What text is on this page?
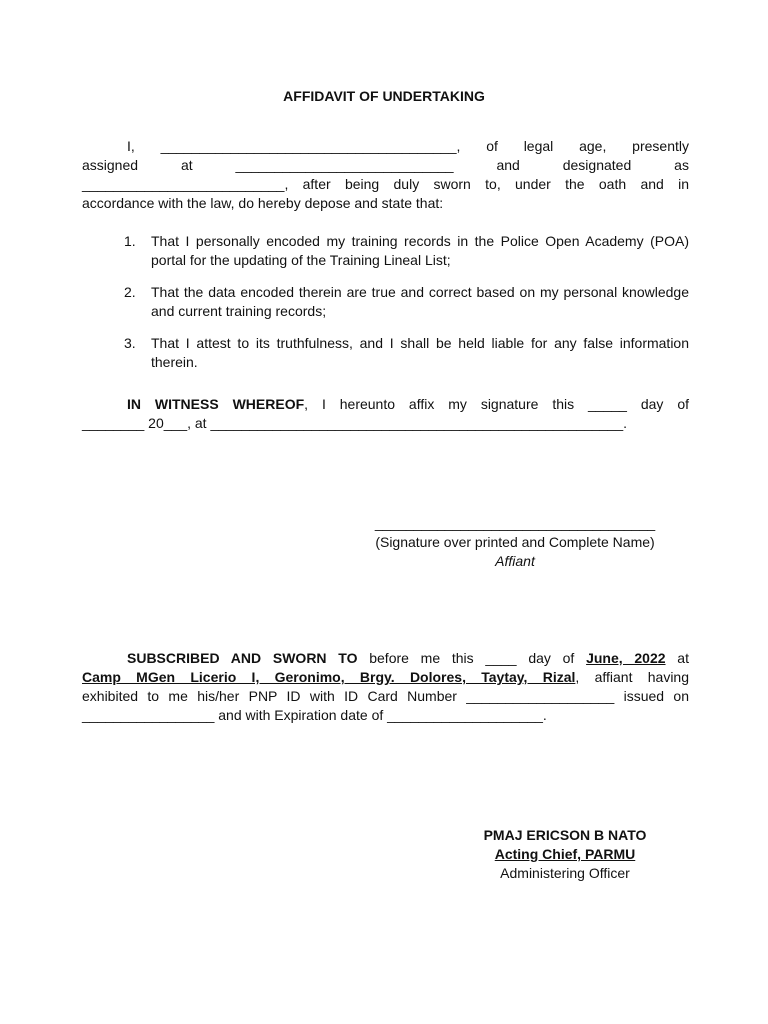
AFFIDAVIT OF UNDERTAKING
I, ______________________________________, of legal age, presently
assigned	at	____________________________	and	designated	as
__________________________, after being duly sworn to, under the oath and in
accordance with the law, do hereby depose and state that:
1. That I personally encoded my training records in the Police Open Academy (POA) portal for the updating of the Training Lineal List;
2. That the data encoded therein are true and correct based on my personal knowledge and current training records;
3. That I attest to its truthfulness, and I shall be held liable for any false information therein.
IN WITNESS WHEREOF, I hereunto affix my signature this _____ day of
________ 20___, at _____________________________________________________.
____________________________________
(Signature over printed and Complete Name)
Affiant
SUBSCRIBED AND SWORN TO before me this ____ day of June, 2022 at
Camp MGen Licerio I, Geronimo, Brgy. Dolores, Taytay, Rizal, affiant having
exhibited to me his/her PNP ID with ID Card Number ___________________ issued on
_________________ and with Expiration date of ____________________.
PMAJ ERICSON B NATO
Acting Chief, PARMU
Administering Officer
